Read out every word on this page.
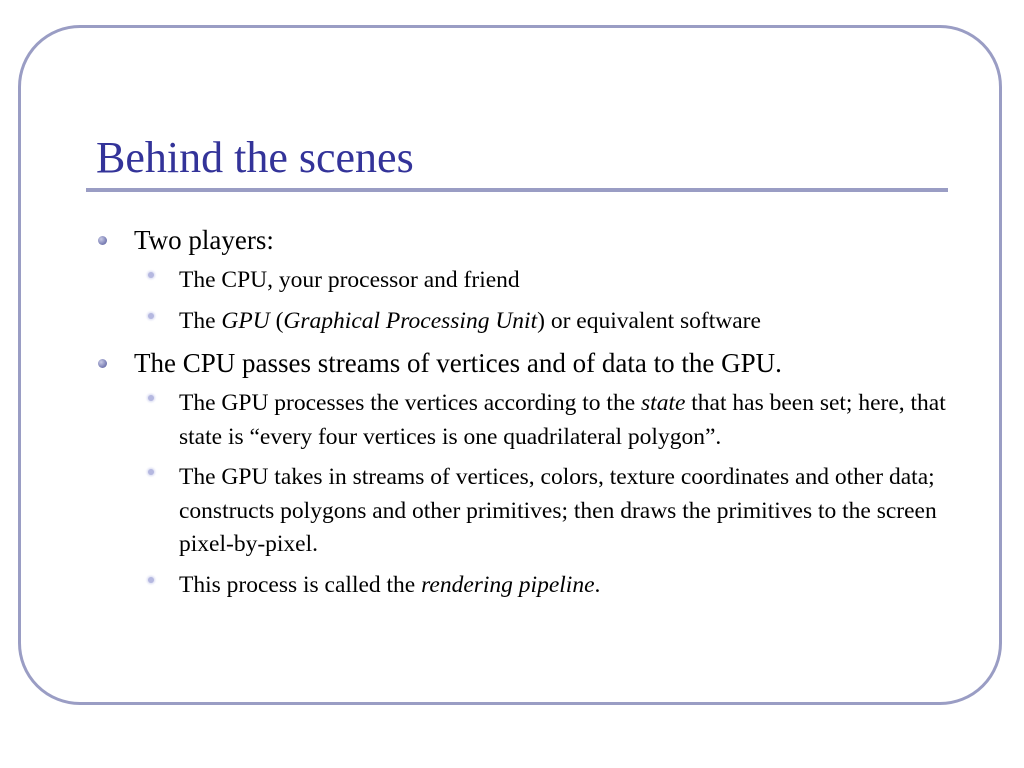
Behind the scenes
Two players:
The CPU, your processor and friend
The GPU (Graphical Processing Unit) or equivalent software
The CPU passes streams of vertices and of data to the GPU.
The GPU processes the vertices according to the state that has been set; here, that state is “every four vertices is one quadrilateral polygon”.
The GPU takes in streams of vertices, colors, texture coordinates and other data; constructs polygons and other primitives; then draws the primitives to the screen pixel-by-pixel.
This process is called the rendering pipeline.
